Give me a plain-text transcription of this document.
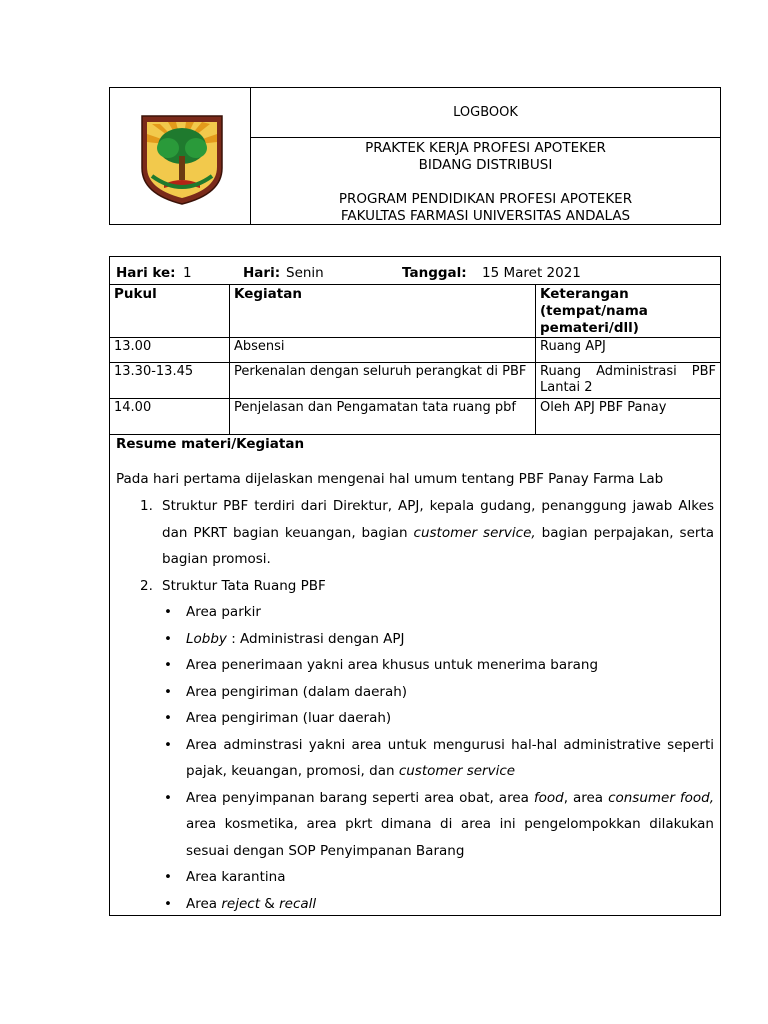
LOGBOOK
PRAKTEK KERJA PROFESI APOTEKER
BIDANG DISTRIBUSI
PROGRAM PENDIDIKAN PROFESI APOTEKER
FAKULTAS FARMASI UNIVERSITAS ANDALAS
Hari ke: 1	Hari: Senin	Tanggal: 15 Maret 2021
Pukul	Kegiatan	Keterangan (tempat/nama pemateri/dll)
13.00	Absensi	Ruang APJ
13.30-13.45	Perkenalan dengan seluruh perangkat di PBF	Ruang Administrasi PBF Lantai 2
14.00	Penjelasan dan Pengamatan tata ruang pbf	Oleh APJ PBF Panay
Resume materi/Kegiatan
Pada hari pertama dijelaskan mengenai hal umum tentang PBF Panay Farma Lab
1. Struktur PBF terdiri dari Direktur, APJ, kepala gudang, penanggung jawab Alkes
dan PKRT bagian keuangan, bagian customer service, bagian perpajakan, serta
bagian promosi.
2. Struktur Tata Ruang PBF
• Area parkir
• Lobby : Administrasi dengan APJ
• Area penerimaan yakni area khusus untuk menerima barang
• Area pengiriman (dalam daerah)
• Area pengiriman (luar daerah)
• Area adminstrasi yakni area untuk mengurusi hal-hal administrative seperti pajak, keuangan, promosi, dan customer service
• Area penyimpanan barang seperti area obat, area food, area consumer food, area kosmetika, area pkrt dimana di area ini pengelompokkan dilakukan sesuai dengan SOP Penyimpanan Barang
• Area karantina
• Area reject & recall
